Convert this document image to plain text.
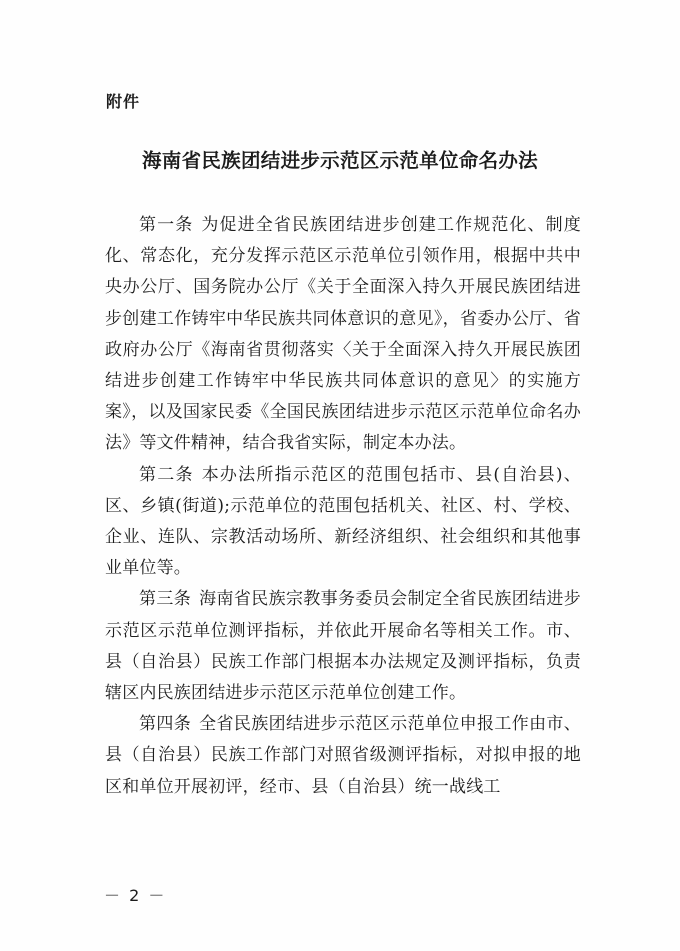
附件
海南省民族团结进步示范区示范单位命名办法

第一条 为促进全省民族团结进步创建工作规范化、制度化、常态化，充分发挥示范区示范单位引领作用，根据中共中央办公厅、国务院办公厅《关于全面深入持久开展民族团结进步创建工作铸牢中华民族共同体意识的意见》，省委办公厅、省政府办公厅《海南省贯彻落实〈关于全面深入持久开展民族团结进步创建工作铸牢中华民族共同体意识的意见〉的实施方案》，以及国家民委《全国民族团结进步示范区示范单位命名办法》等文件精神，结合我省实际，制定本办法。

第二条 本办法所指示范区的范围包括市、县(自治县)、区、乡镇(街道);示范单位的范围包括机关、社区、村、学校、企业、连队、宗教活动场所、新经济组织、社会组织和其他事业单位等。

第三条 海南省民族宗教事务委员会制定全省民族团结进步示范区示范单位测评指标，并依此开展命名等相关工作。市、县（自治县）民族工作部门根据本办法规定及测评指标，负责辖区内民族团结进步示范区示范单位创建工作。

第四条 全省民族团结进步示范区示范单位申报工作由市、县（自治县）民族工作部门对照省级测评指标，对拟申报的地区和单位开展初评，经市、县（自治县）统一战线工

－ 2 －
